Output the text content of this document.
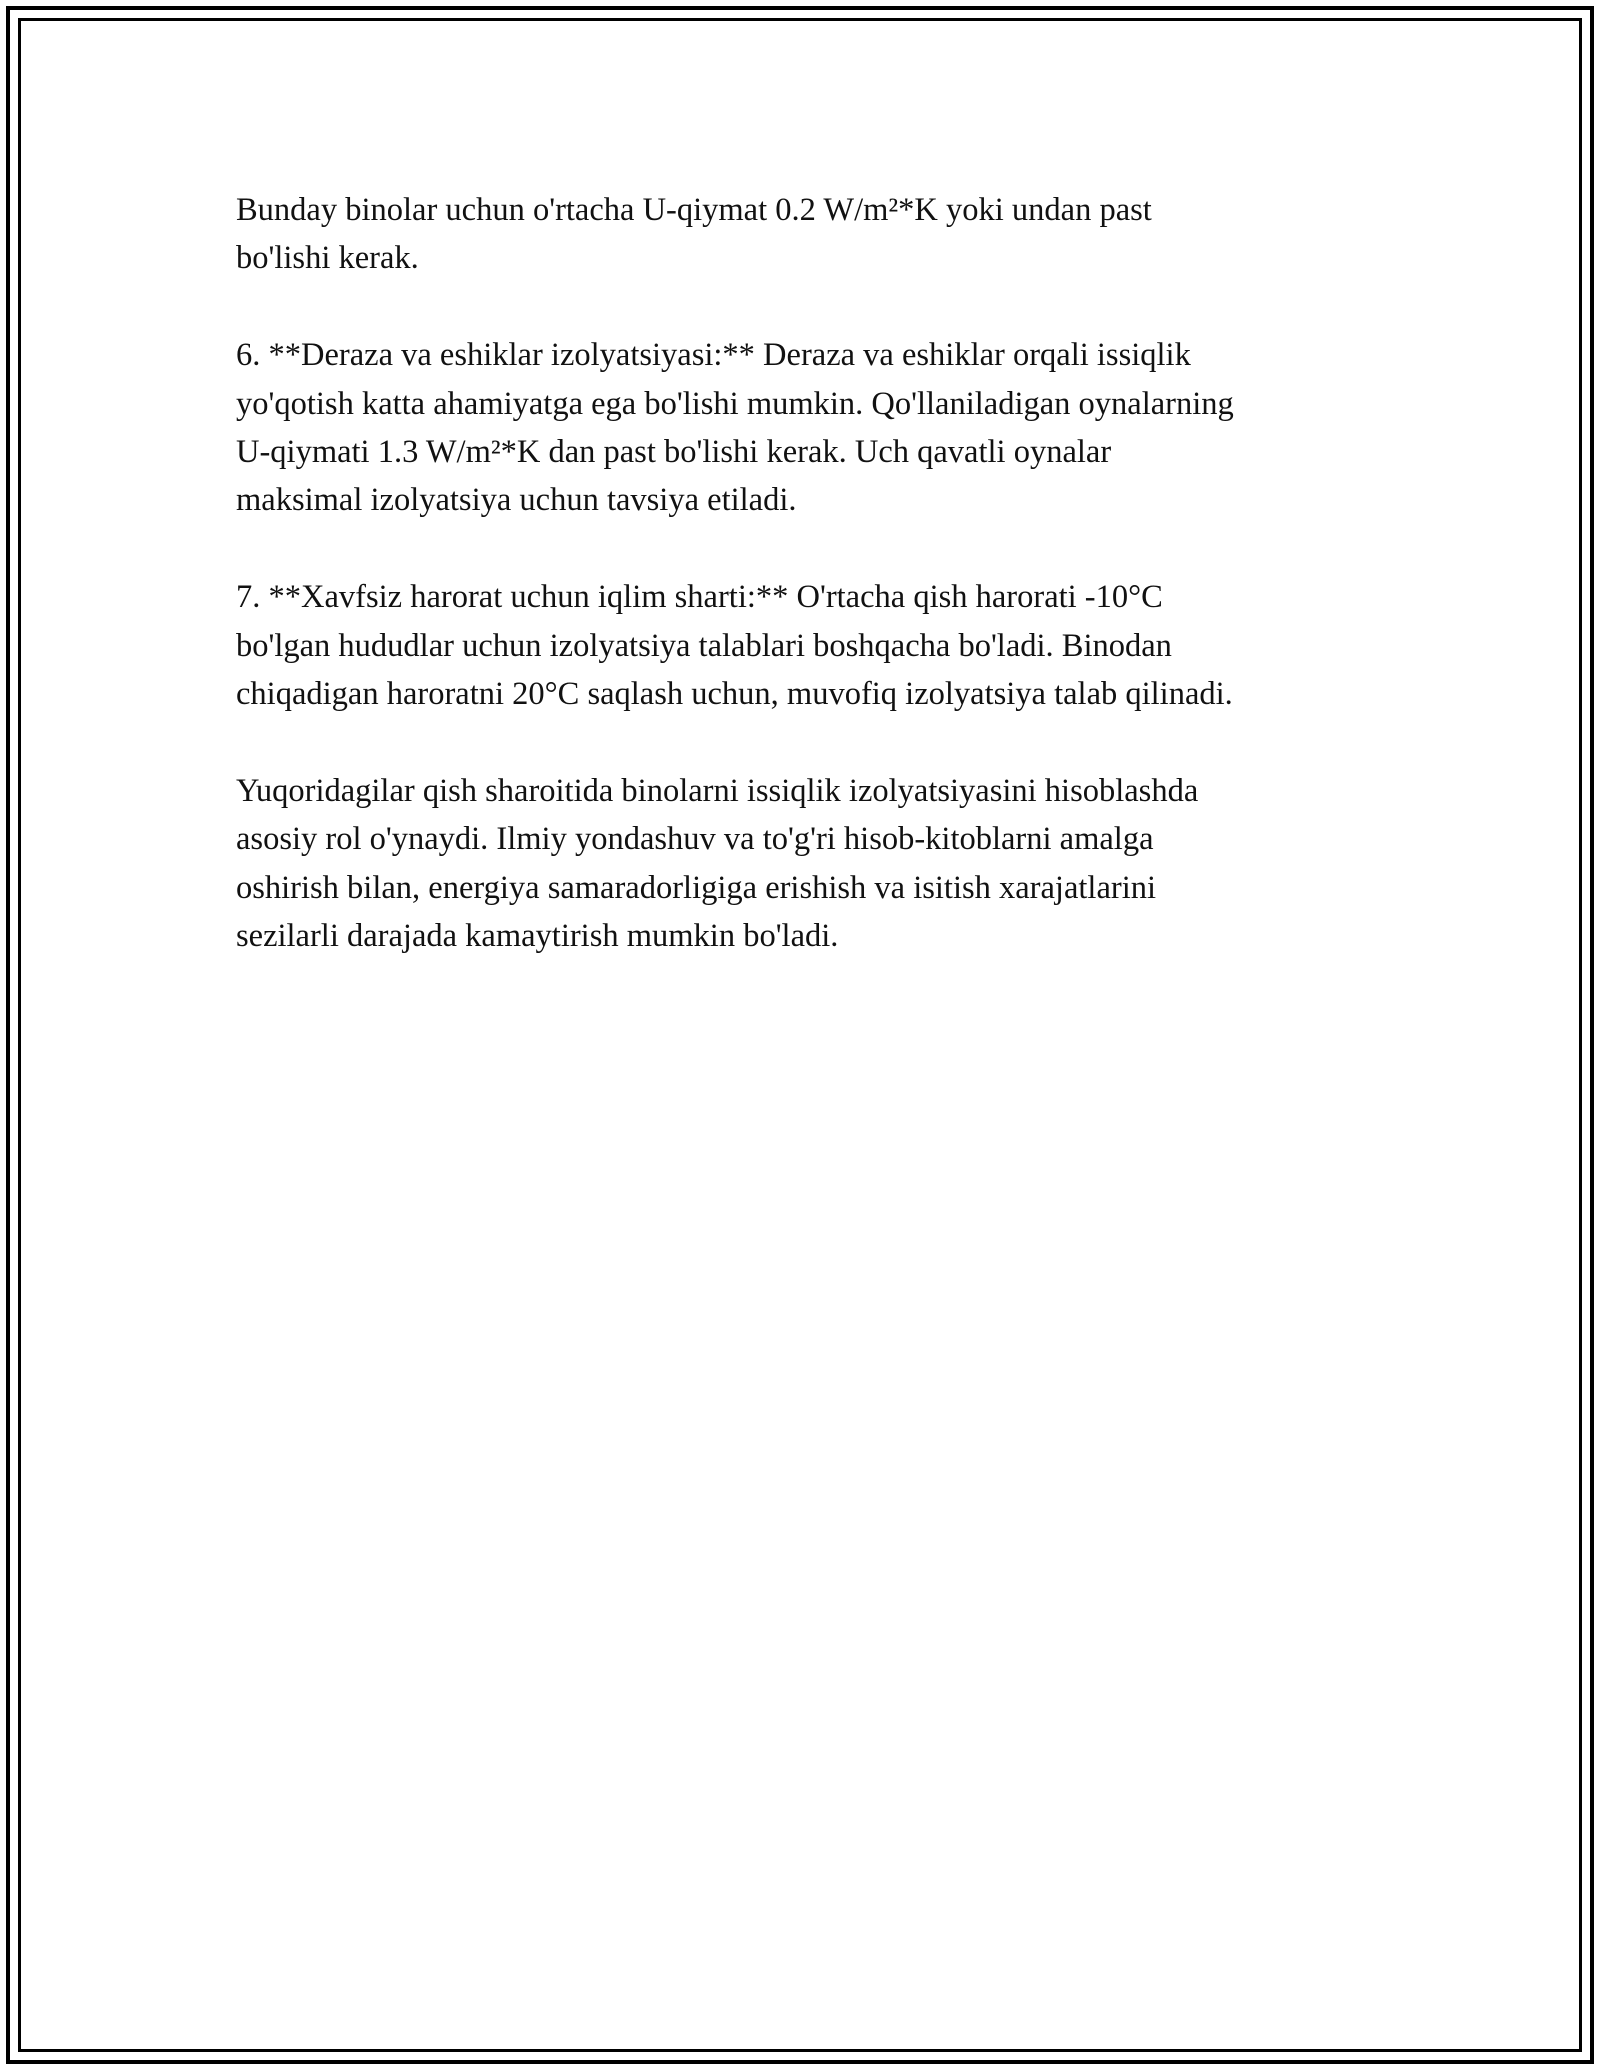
Bunday binolar uchun o'rtacha U-qiymat 0.2 W/m²*K yoki undan past
bo'lishi kerak.

6. **Deraza va eshiklar izolyatsiyasi:** Deraza va eshiklar orqali issiqlik
yo'qotish katta ahamiyatga ega bo'lishi mumkin. Qo'llaniladigan oynalarning
U-qiymati 1.3 W/m²*K dan past bo'lishi kerak. Uch qavatli oynalar
maksimal izolyatsiya uchun tavsiya etiladi.

7. **Xavfsiz harorat uchun iqlim sharti:** O'rtacha qish harorati -10°C
bo'lgan hududlar uchun izolyatsiya talablari boshqacha bo'ladi. Binodan
chiqadigan haroratni 20°C saqlash uchun, muvofiq izolyatsiya talab qilinadi.

Yuqoridagilar qish sharoitida binolarni issiqlik izolyatsiyasini hisoblashda
asosiy rol o'ynaydi. Ilmiy yondashuv va to'g'ri hisob-kitoblarni amalga
oshirish bilan, energiya samaradorligiga erishish va isitish xarajatlarini
sezilarli darajada kamaytirish mumkin bo'ladi.
